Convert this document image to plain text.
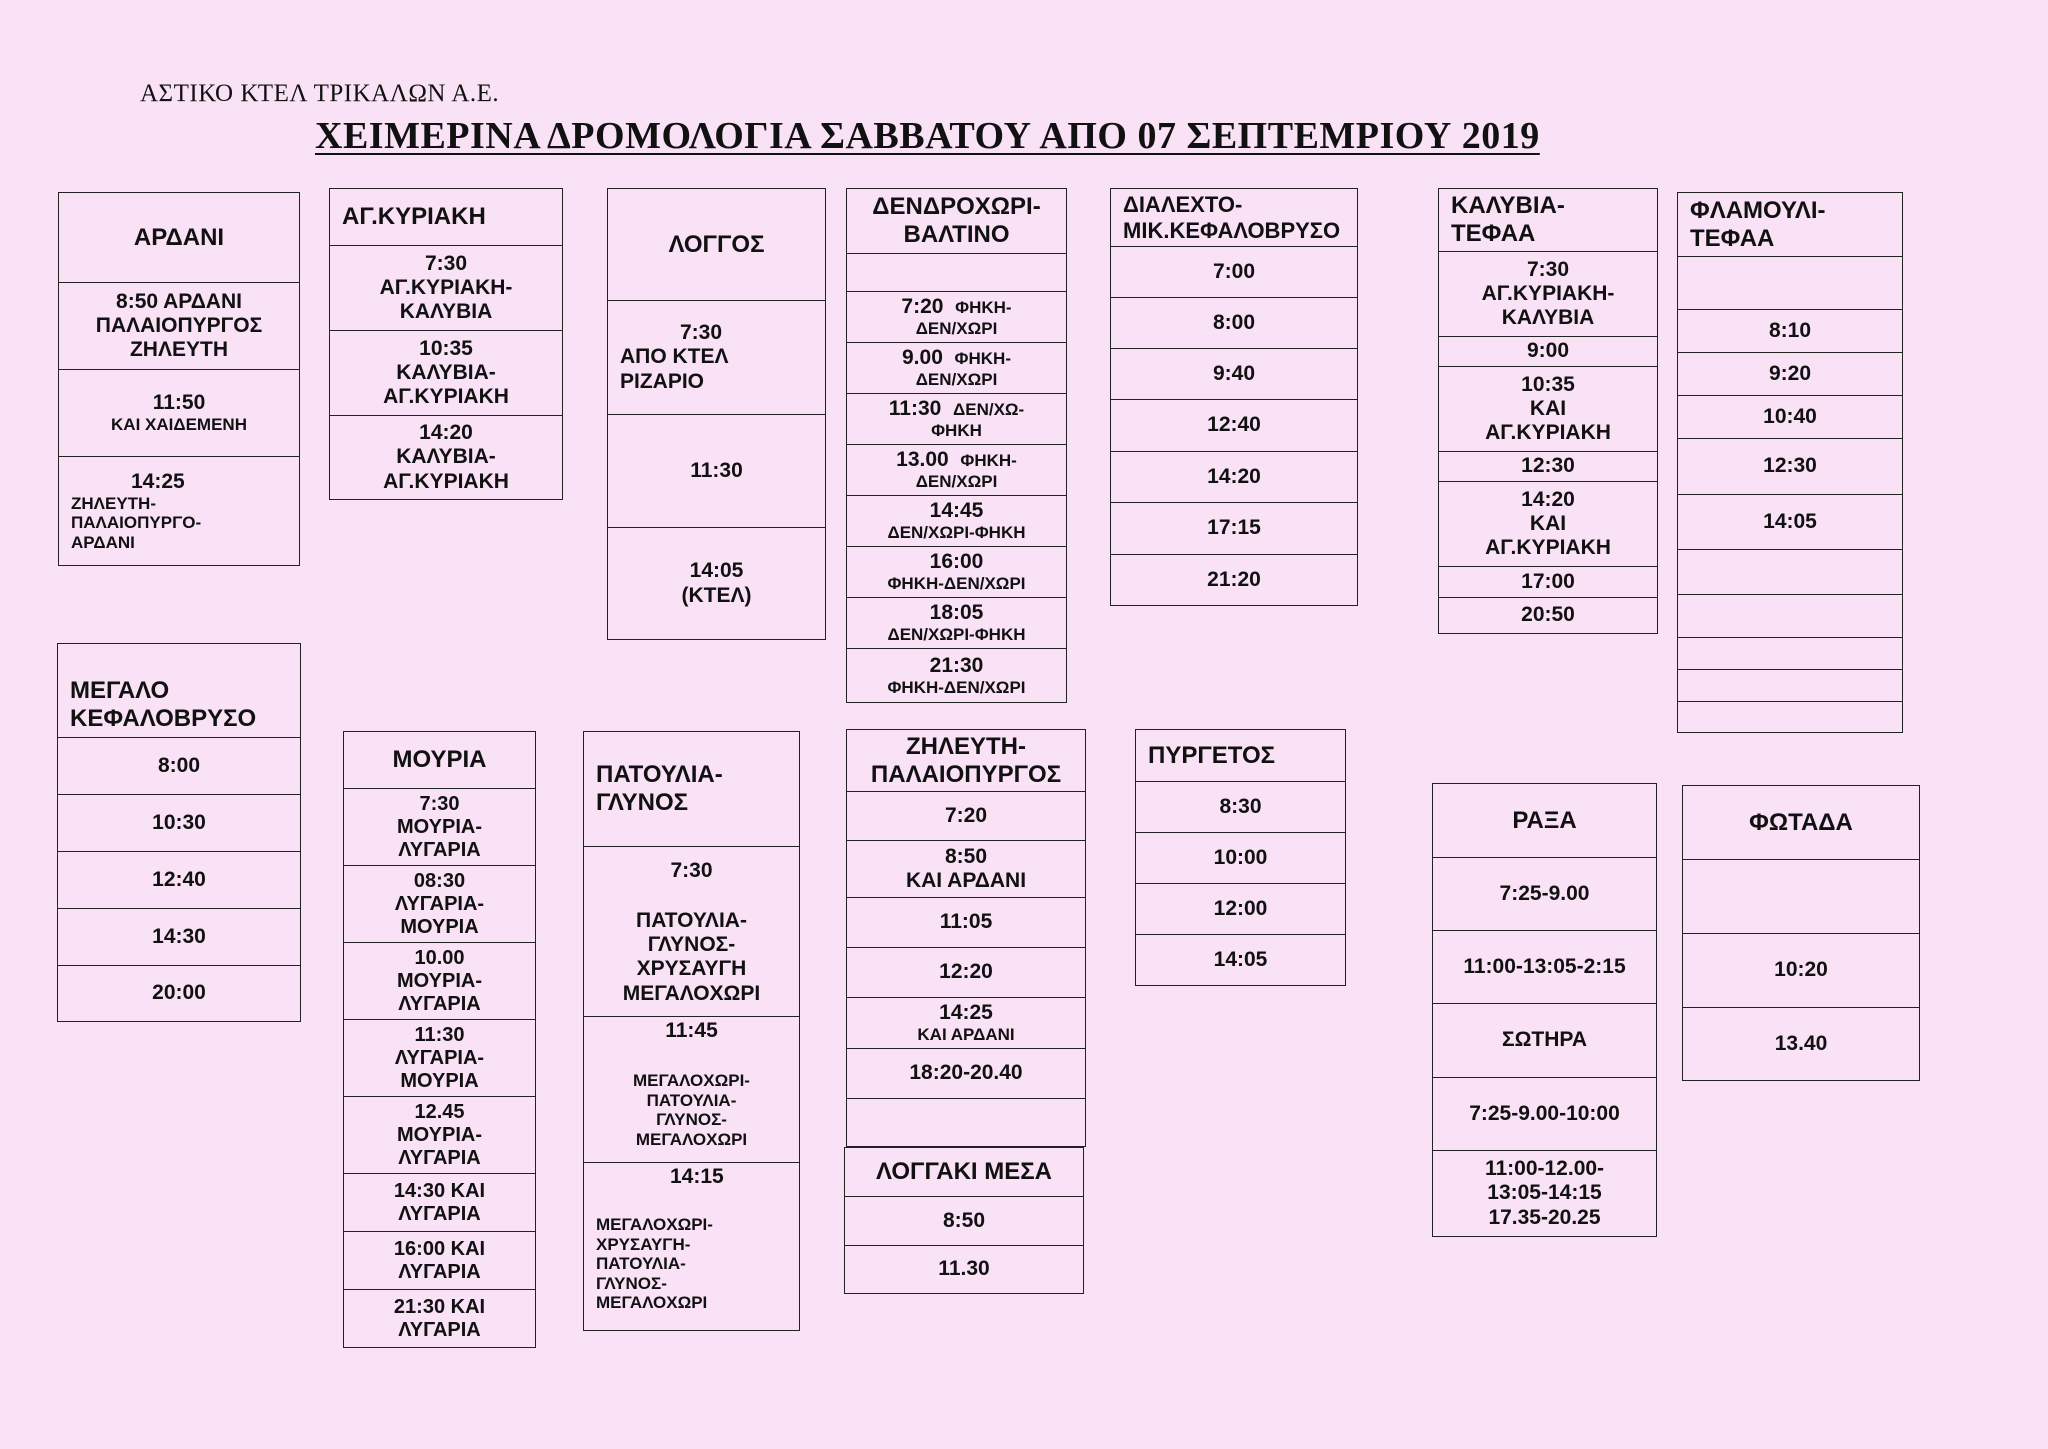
ΑΣΤΙΚΟ ΚΤΕΛ ΤΡΙΚΑΛΩΝ Α.Ε.
ΧΕΙΜΕΡΙΝΑ ΔΡΟΜΟΛΟΓΙΑ ΣΑΒΒΑΤΟΥ ΑΠΟ 07 ΣΕΠΤΕΜΡΙΟΥ 2019
ΑΡΔΑΝΙ
8:50 ΑΡΔΑΝΙ
ΠΑΛΑΙΟΠΥΡΓΟΣ
ΖΗΛΕΥΤΗ
11:50
ΚΑΙ ΧΑΙΔΕΜΕΝΗ
14:25
ΖΗΛΕΥΤΗ-
ΠΑΛΑΙΟΠΥΡΓΟ-
ΑΡΔΑΝΙ
ΑΓ.ΚΥΡΙΑΚΗ
7:30
ΑΓ.ΚΥΡΙΑΚΗ-
ΚΑΛΥΒΙΑ
10:35
ΚΑΛΥΒΙΑ-
ΑΓ.ΚΥΡΙΑΚΗ
14:20
ΚΑΛΥΒΙΑ-
ΑΓ.ΚΥΡΙΑΚΗ
ΛΟΓΓΟΣ
7:30
ΑΠΟ ΚΤΕΛ
ΡΙΖΑΡΙΟ
11:30
14:05
(ΚΤΕΛ)
ΔΕΝΔΡΟΧΩΡΙ-
ΒΑΛΤΙΝΟ
7:20 ΦΗΚΗ-
ΔΕΝ/ΧΩΡΙ
9.00 ΦΗΚΗ-
ΔΕΝ/ΧΩΡΙ
11:30 ΔΕΝ/ΧΩ-
ΦΗΚΗ
13.00 ΦΗΚΗ-
ΔΕΝ/ΧΩΡΙ
14:45
ΔΕΝ/ΧΩΡΙ-ΦΗΚΗ
16:00
ΦΗΚΗ-ΔΕΝ/ΧΩΡΙ
18:05
ΔΕΝ/ΧΩΡΙ-ΦΗΚΗ
21:30
ΦΗΚΗ-ΔΕΝ/ΧΩΡΙ
ΔΙΑΛΕΧΤΟ-
ΜΙΚ.ΚΕΦΑΛΟΒΡΥΣΟ
7:00
8:00
9:40
12:40
14:20
17:15
21:20
ΚΑΛΥΒΙΑ-
ΤΕΦΑΑ
7:30
ΑΓ.ΚΥΡΙΑΚΗ-
ΚΑΛΥΒΙΑ
9:00
10:35
ΚΑΙ
ΑΓ.ΚΥΡΙΑΚΗ
12:30
14:20
ΚΑΙ
ΑΓ.ΚΥΡΙΑΚΗ
17:00
20:50
ΦΛΑΜΟΥΛΙ-
ΤΕΦΑΑ
8:10
9:20
10:40
12:30
14:05
ΜΕΓΑΛΟ
ΚΕΦΑΛΟΒΡΥΣΟ
8:00
10:30
12:40
14:30
20:00
ΜΟΥΡΙΑ
7:30
ΜΟΥΡΙΑ-
ΛΥΓΑΡΙΑ
08:30
ΛΥΓΑΡΙΑ-
ΜΟΥΡΙΑ
10.00
ΜΟΥΡΙΑ-
ΛΥΓΑΡΙΑ
11:30
ΛΥΓΑΡΙΑ-
ΜΟΥΡΙΑ
12.45
ΜΟΥΡΙΑ-
ΛΥΓΑΡΙΑ
14:30 ΚΑΙ
ΛΥΓΑΡΙΑ
16:00 ΚΑΙ
ΛΥΓΑΡΙΑ
21:30 ΚΑΙ
ΛΥΓΑΡΙΑ
ΠΑΤΟΥΛΙΑ-
ΓΛΥΝΟΣ
7:30
ΠΑΤΟΥΛΙΑ-
ΓΛΥΝΟΣ-
ΧΡΥΣΑΥΓΗ
ΜΕΓΑΛΟΧΩΡΙ
11:45
ΜΕΓΑΛΟΧΩΡΙ-
ΠΑΤΟΥΛΙΑ-
ΓΛΥΝΟΣ-
ΜΕΓΑΛΟΧΩΡΙ
14:15
ΜΕΓΑΛΟΧΩΡΙ-
ΧΡΥΣΑΥΓΗ-
ΠΑΤΟΥΛΙΑ-
ΓΛΥΝΟΣ-
ΜΕΓΑΛΟΧΩΡΙ
ΖΗΛΕΥΤΗ-
ΠΑΛΑΙΟΠΥΡΓΟΣ
7:20
8:50
ΚΑΙ ΑΡΔΑΝΙ
11:05
12:20
14:25
ΚΑΙ ΑΡΔΑΝΙ
18:20-20.40
ΛΟΓΓΑΚΙ ΜΕΣΑ
8:50
11.30
ΠΥΡΓΕΤΟΣ
8:30
10:00
12:00
14:05
ΡΑΞΑ
7:25-9.00
11:00-13:05-2:15
ΣΩΤΗΡΑ
7:25-9.00-10:00
11:00-12.00-
13:05-14:15
17.35-20.25
ΦΩΤΑΔΑ
10:20
13.40
